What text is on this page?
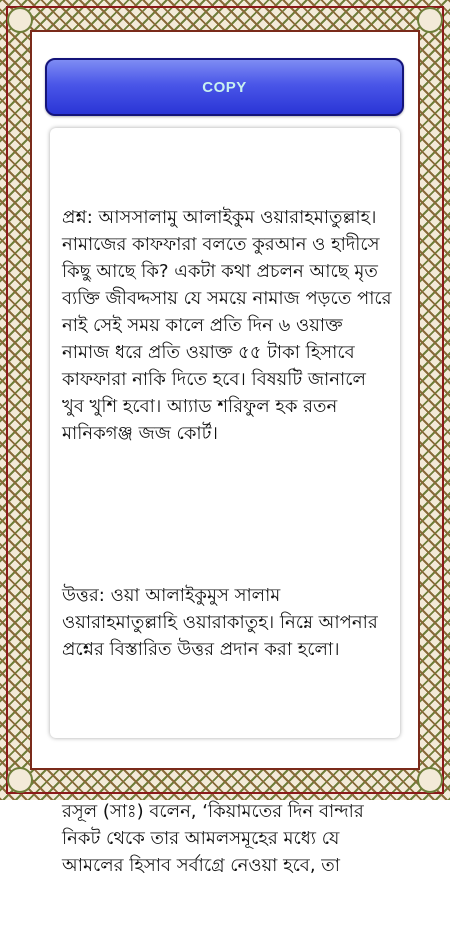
COPY

প্রশ্ন: আসসালামু আলাইকুম ওয়ারাহমাতুল্লাহ।
নামাজের কাফফারা বলতে কুরআন ও হাদীসে কিছু আছে কি? একটা কথা প্রচলন আছে মৃত ব্যক্তি জীবদ্দসায় যে সময়ে নামাজ পড়তে পারে নাই সেই সময় কালে প্রতি দিন ৬ ওয়াক্ত নামাজ ধরে প্রতি ওয়াক্ত ৫৫ টাকা হিসাবে কাফফারা নাকি দিতে হবে। বিষয়টি জানালে খুব খুশি হবো। আ্যাড শরিফুল হক রতন মানিকগঞ্জ জজ কোর্ট।

উত্তর: ওয়া আলাইকুমুস সালাম ওয়ারাহমাতুল্লাহি ওয়ারাকাতুহ। নিম্নে আপনার প্রশ্নের বিস্তারিত উত্তর প্রদান করা হলো।

রসূল (সাঃ) বলেন, ‘কিয়ামতের দিন বান্দার নিকট থেকে তার আমলসমূহের মধ্যে যে আমলের হিসাব সর্বাগ্রে নেওয়া হবে, তা
